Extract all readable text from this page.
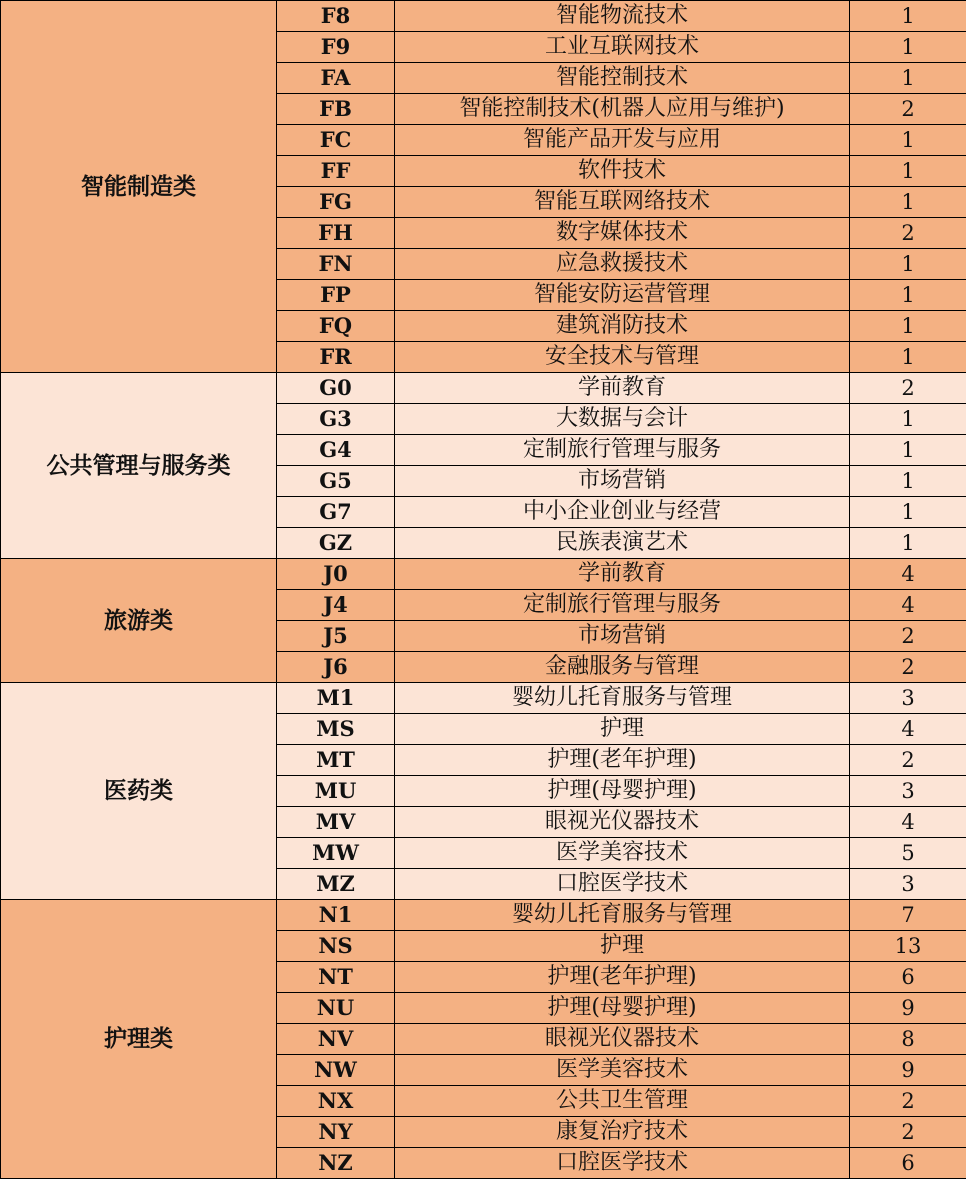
智能制造类	F8	智能物流技术	1
	F9	工业互联网技术	1
	FA	智能控制技术	1
	FB	智能控制技术(机器人应用与维护)	2
	FC	智能产品开发与应用	1
	FF	软件技术	1
	FG	智能互联网络技术	1
	FH	数字媒体技术	2
	FN	应急救援技术	1
	FP	智能安防运营管理	1
	FQ	建筑消防技术	1
	FR	安全技术与管理	1
公共管理与服务类	G0	学前教育	2
	G3	大数据与会计	1
	G4	定制旅行管理与服务	1
	G5	市场营销	1
	G7	中小企业创业与经营	1
	GZ	民族表演艺术	1
旅游类	J0	学前教育	4
	J4	定制旅行管理与服务	4
	J5	市场营销	2
	J6	金融服务与管理	2
医药类	M1	婴幼儿托育服务与管理	3
	MS	护理	4
	MT	护理(老年护理)	2
	MU	护理(母婴护理)	3
	MV	眼视光仪器技术	4
	MW	医学美容技术	5
	MZ	口腔医学技术	3
护理类	N1	婴幼儿托育服务与管理	7
	NS	护理	13
	NT	护理(老年护理)	6
	NU	护理(母婴护理)	9
	NV	眼视光仪器技术	8
	NW	医学美容技术	9
	NX	公共卫生管理	2
	NY	康复治疗技术	2
	NZ	口腔医学技术	6
